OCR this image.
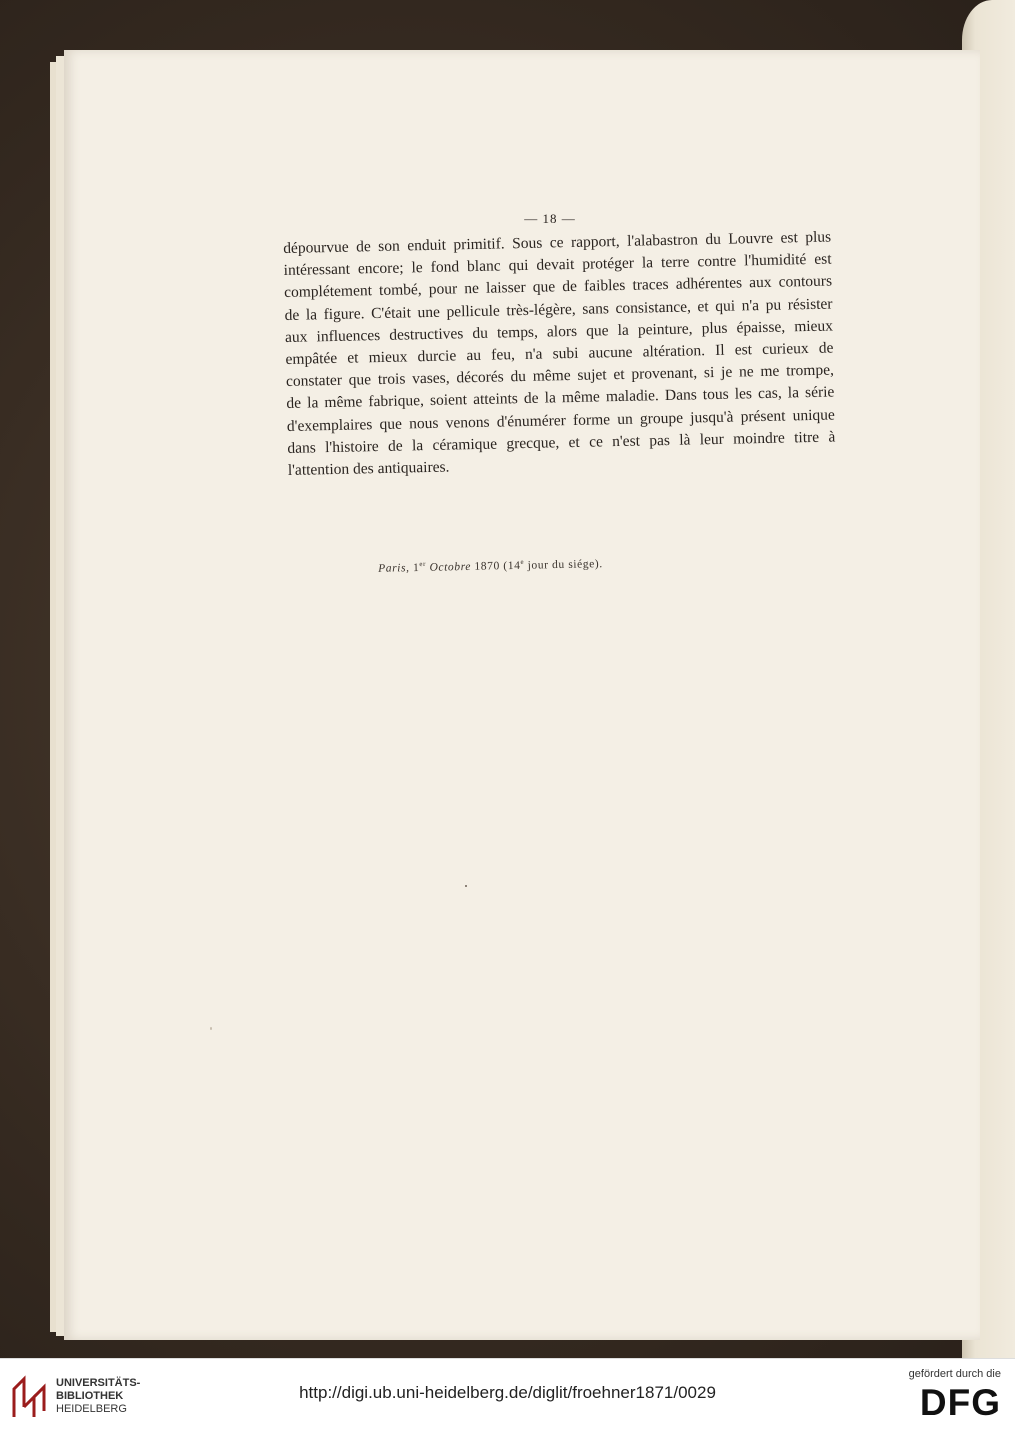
— 18 —
dépourvue de son enduit primitif. Sous ce rapport, l'alabastron du Louvre est plus
intéressant encore; le fond blanc qui devait protéger la terre contre l'humidité est
complétement tombé, pour ne laisser que de faibles traces adhérentes aux contours
de la figure. C'était une pellicule très-légère, sans consistance, et qui n'a pu résister
aux influences destructives du temps, alors que la peinture, plus épaisse, mieux
empâtée et mieux durcie au feu, n'a subi aucune altération. Il est curieux de
constater que trois vases, décorés du même sujet et provenant, si je ne me trompe,
de la même fabrique, soient atteints de la même maladie. Dans tous les cas, la série
d'exemplaires que nous venons d'énumérer forme un groupe jusqu'à présent unique
dans l'histoire de la céramique grecque, et ce n'est pas là leur moindre titre à
l'attention des antiquaires.
Paris, 1er Octobre 1870 (14e jour du siége).
UNIVERSITÄTS-
BIBLIOTHEK
HEIDELBERG
http://digi.ub.uni-heidelberg.de/diglit/froehner1871/0029
gefördert durch die
DFG
